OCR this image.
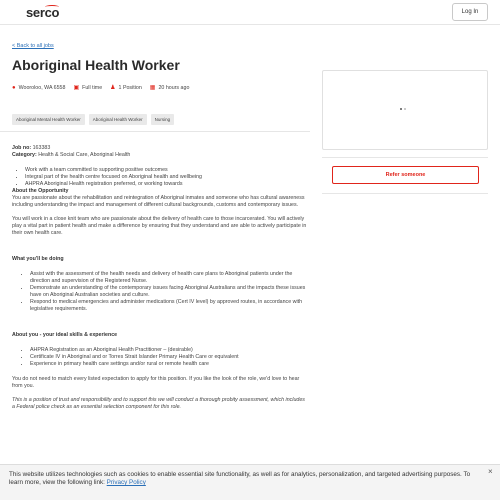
serco	Log In
< Back to all jobs
Aboriginal Health Worker
● Wooroloo, WA 6558 ▣ Full time ♟ 1 Position ▦ 20 hours ago
Aboriginal Mental Health Worker	Aboriginal Health Worker	Nursing

Job no: 163383

Category: Health & Social Care, Aboriginal Health

• Work with a team committed to supporting positive outcomes
• Integral part of the health centre focused on Aboriginal health and wellbeing
• AHPRA Aboriginal Health registration preferred, or working towards

About the Opportunity

You are passionate about the rehabilitation and reintegration of Aboriginal inmates and someone who has cultural awareness including understanding the impact and management of different cultural backgrounds, customs and contemporary issues.

You will work in a close knit team who are passionate about the delivery of health care to those incarcerated. You will actively play a vital part in patient health and make a difference by ensuring that they understand and are able to actively participate in their own health care.

What you'll be doing

• Assist with the assessment of the health needs and delivery of health care plans to Aboriginal patients under the direction and supervision of the Registered Nurse.
• Demonstrate an understanding of the contemporary issues facing Aboriginal Australians and the impacts these issues have on Aboriginal Australian societies and culture.
• Respond to medical emergencies and administer medications (Cert IV level) by approved routes, in accordance with legislative requirements.

About you - your ideal skills & experience

• AHPRA Registration as an Aboriginal Health Practitioner – (desirable)
• Certificate IV in Aboriginal and or Torres Strait Islander Primary Health Care or equivalent
• Experience in primary health care settings and/or rural or remote health care

You do not need to match every listed expectation to apply for this position. If you like the look of the role, we'd love to hear from you.

This is a position of trust and responsibility and to support this we will conduct a thorough probity assessment, which includes a Federal police check as an essential selection component for this role.

Refer someone
This website utilizes technologies such as cookies to enable essential site functionality, as well as for analytics, personalization, and targeted advertising purposes. To learn more, view the following link: Privacy Policy
×
